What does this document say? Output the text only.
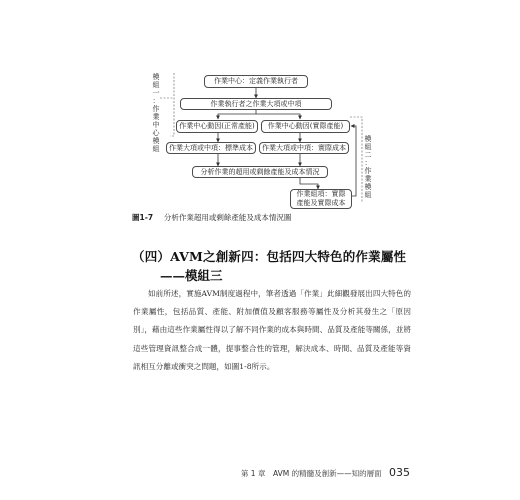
模
組
一
：
作
業
中
心
模
組
模
組
二
：
作
業
模
組
作業中心：定義作業執行者
作業執行者之作業大項或中項
作業中心動因(正常產能)	作業中心動因(實際產能)
作業大項或中項：標準成本	作業大項或中項：實際成本
分析作業的超用或剩餘產能及成本情況
作業組項：實際產能及實際成本
圖1-7 分析作業超用或剩餘產能及成本情況圖
（四）AVM之創新四：包括四大特色的作業屬性
——模組三

如前所述，實施AVM制度過程中，筆者透過「作業」此細觀發展出四大特色的作業屬性，包括品質、產能、附加價值及顧客服務等屬性及分析其發生之「原因別」，藉由這些作業屬性得以了解不同作業的成本與時間、品質及產能等關係，並將這些管理資訊整合成一體，提事整合性的管理，解決成本、時間、品質及產能等資訊相互分離或衝突之問題，如圖1-8所示。

第 1 章　AVM 的精髓及創新——知的層面 035
